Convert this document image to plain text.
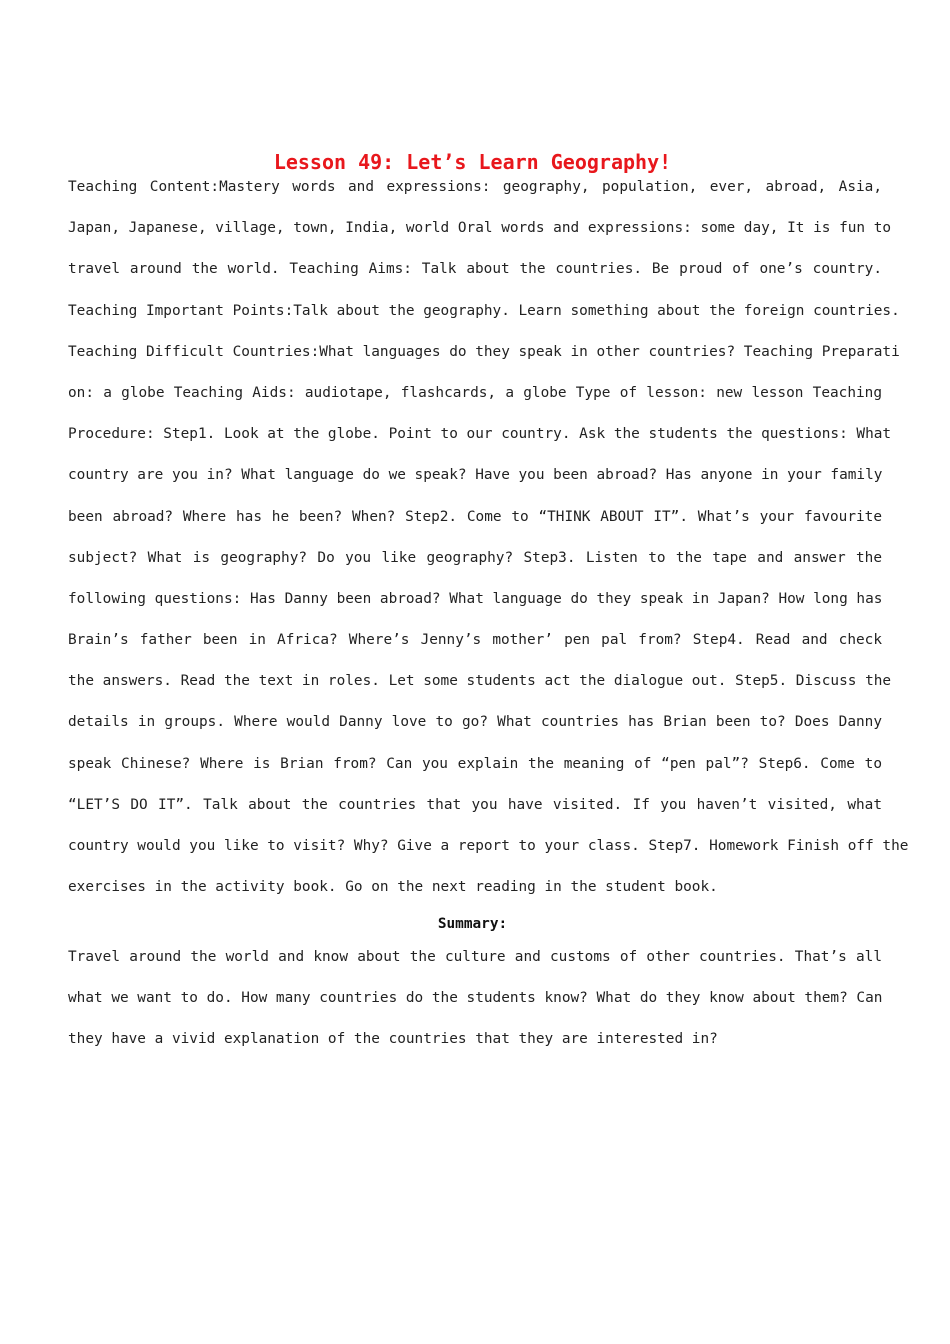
Lesson 49: Let’s Learn Geography!
Teaching Content:Mastery words and expressions: geography, population, ever, abroad, Asia,
Japan, Japanese, village, town, India, world Oral words and expressions: some day, It is fun to
travel around the world. Teaching Aims: Talk about the countries. Be proud of one’s country.
Teaching Important Points:Talk about the geography. Learn something about the foreign countries.
Teaching Difficult Countries:What languages do they speak in other countries? Teaching Preparati
on: a globe Teaching Aids: audiotape, flashcards, a globe Type of lesson: new lesson Teaching
Procedure: Step1. Look at the globe. Point to our country. Ask the students the questions: What
country are you in? What language do we speak? Have you been abroad? Has anyone in your family
been abroad? Where has he been? When? Step2. Come to “THINK ABOUT IT”. What’s your favourite
subject? What is geography? Do you like geography? Step3. Listen to the tape and answer the
following questions: Has Danny been abroad? What language do they speak in Japan? How long has
Brain’s father been in Africa? Where’s Jenny’s mother’ pen pal from? Step4. Read and check
the answers. Read the text in roles. Let some students act the dialogue out. Step5. Discuss the
details in groups. Where would Danny love to go? What countries has Brian been to? Does Danny
speak Chinese? Where is Brian from? Can you explain the meaning of “pen pal”? Step6. Come to
“LET’S DO IT”. Talk about the countries that you have visited. If you haven’t visited, what
country would you like to visit? Why? Give a report to your class. Step7. Homework Finish off the
exercises in the activity book. Go on the next reading in the student book.
Summary:
Travel around the world and know about the culture and customs of other countries. That’s all
what we want to do. How many countries do the students know? What do they know about them? Can
they have a vivid explanation of the countries that they are interested in?
